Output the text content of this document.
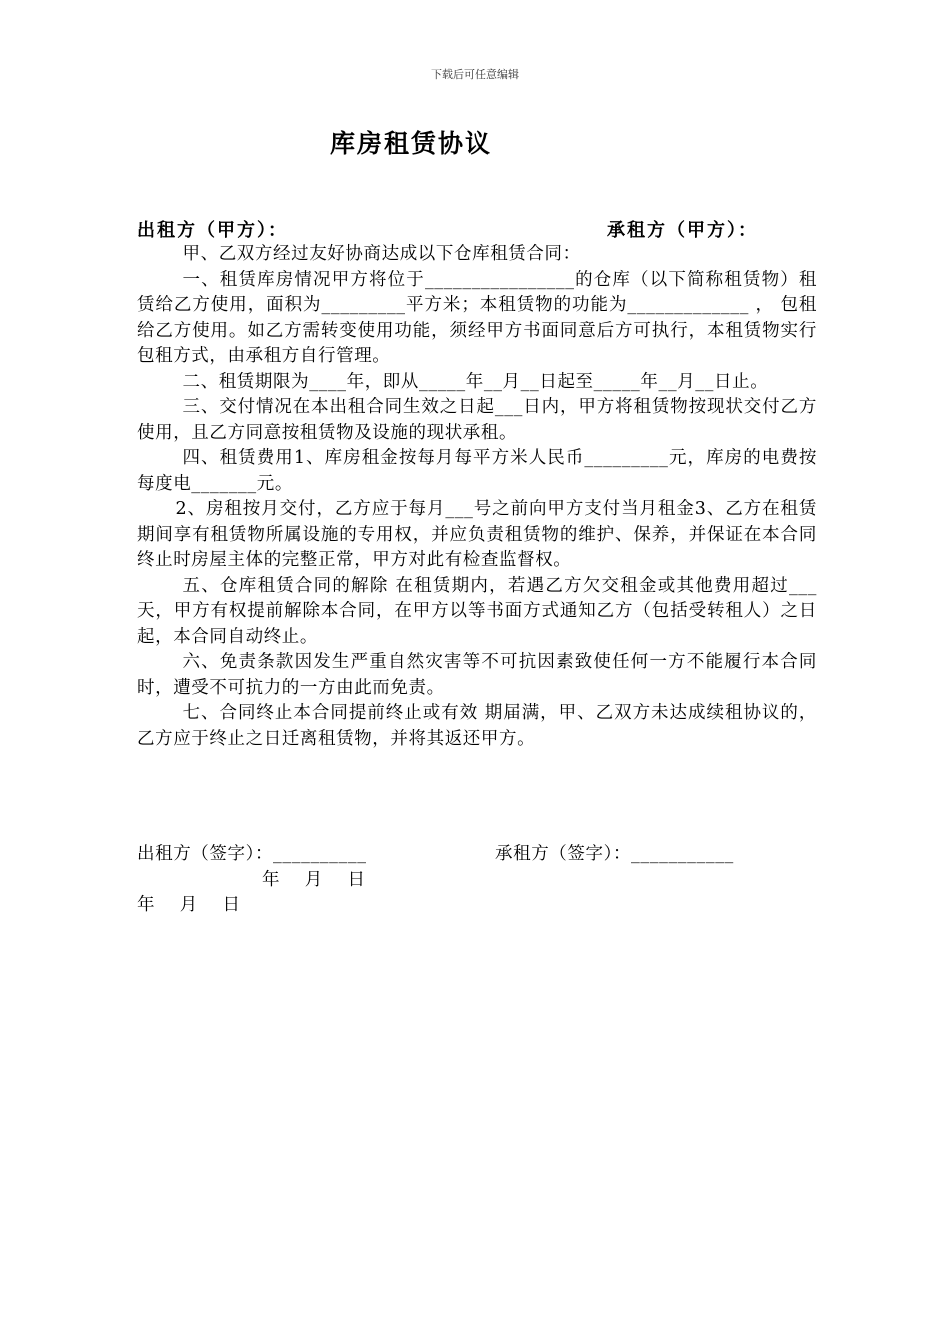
下载后可任意编辑
库房租赁协议
出租方（甲方）：	承租方（甲方）：

甲、乙双方经过友好协商达成以下仓库租赁合同：

一、租赁库房情况甲方将位于________________的仓库（以下简称租赁物）租赁给乙方使用，面积为_________平方米；本租赁物的功能为_____________ ， 包租给乙方使用。如乙方需转变使用功能，须经甲方书面同意后方可执行，本租赁物实行包租方式，由承租方自行管理。

二、租赁期限为____年，即从_____年__月__日起至_____年__月__日止。

三、交付情况在本出租合同生效之日起___日内，甲方将租赁物按现状交付乙方使用，且乙方同意按租赁物及设施的现状承租。

四、租赁费用1、库房租金按每月每平方米人民币_________元，库房的电费按每度电_______元。

2、房租按月交付，乙方应于每月___号之前向甲方支付当月租金3、乙方在租赁期间享有租赁物所属设施的专用权，并应负责租赁物的维护、保养，并保证在本合同终止时房屋主体的完整正常，甲方对此有检查监督权。

五、仓库租赁合同的解除 在租赁期内，若遇乙方欠交租金或其他费用超过___天，甲方有权提前解除本合同，在甲方以等书面方式通知乙方（包括受转租人）之日起，本合同自动终止。

六、免责条款因发生严重自然灾害等不可抗因素致使任何一方不能履行本合同时，遭受不可抗力的一方由此而免责。

七、合同终止本合同提前终止或有效 期届满，甲、乙双方未达成续租协议的，乙方应于终止之日迁离租赁物，并将其返还甲方。

出租方（签字）：__________	承租方（签字）：___________
年    月    日
年    月    日
